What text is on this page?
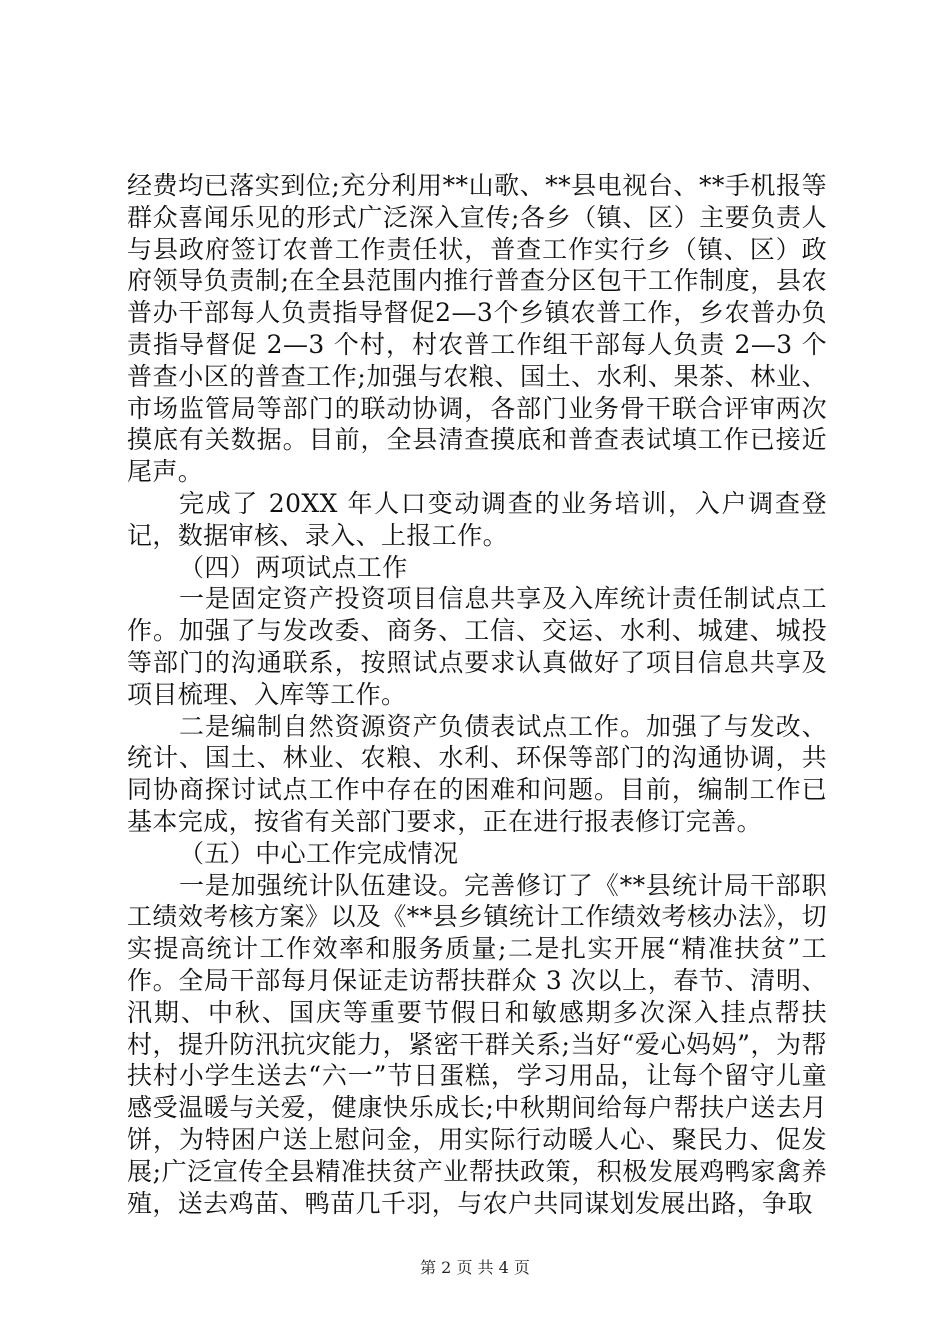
经费均已落实到位;充分利用**山歌、**县电视台、**手机报等群众喜闻乐见的形式广泛深入宣传;各乡（镇、区）主要负责人与县政府签订农普工作责任状，普查工作实行乡（镇、区）政府领导负责制;在全县范围内推行普查分区包干工作制度，县农普办干部每人负责指导督促2—3个乡镇农普工作，乡农普办负责指导督促 2—3 个村，村农普工作组干部每人负责 2—3 个普查小区的普查工作;加强与农粮、国土、水利、果茶、林业、市场监管局等部门的联动协调，各部门业务骨干联合评审两次摸底有关数据。目前，全县清查摸底和普查表试填工作已接近尾声。

完成了 20XX 年人口变动调查的业务培训，入户调查登记，数据审核、录入、上报工作。

（四）两项试点工作

一是固定资产投资项目信息共享及入库统计责任制试点工作。加强了与发改委、商务、工信、交运、水利、城建、城投等部门的沟通联系，按照试点要求认真做好了项目信息共享及项目梳理、入库等工作。

二是编制自然资源资产负债表试点工作。加强了与发改、统计、国土、林业、农粮、水利、环保等部门的沟通协调，共同协商探讨试点工作中存在的困难和问题。目前，编制工作已基本完成，按省有关部门要求，正在进行报表修订完善。

（五）中心工作完成情况

一是加强统计队伍建设。完善修订了《**县统计局干部职工绩效考核方案》以及《**县乡镇统计工作绩效考核办法》，切实提高统计工作效率和服务质量;二是扎实开展“精准扶贫”工作。全局干部每月保证走访帮扶群众 3 次以上，春节、清明、汛期、中秋、国庆等重要节假日和敏感期多次深入挂点帮扶村，提升防汛抗灾能力，紧密干群关系;当好“爱心妈妈”，为帮扶村小学生送去“六一”节日蛋糕，学习用品，让每个留守儿童感受温暖与关爱，健康快乐成长;中秋期间给每户帮扶户送去月饼，为特困户送上慰问金，用实际行动暖人心、聚民力、促发展;广泛宣传全县精准扶贫产业帮扶政策，积极发展鸡鸭家禽养殖，送去鸡苗、鸭苗几千羽，与农户共同谋划发展出路，争取

第 2 页 共 4 页
